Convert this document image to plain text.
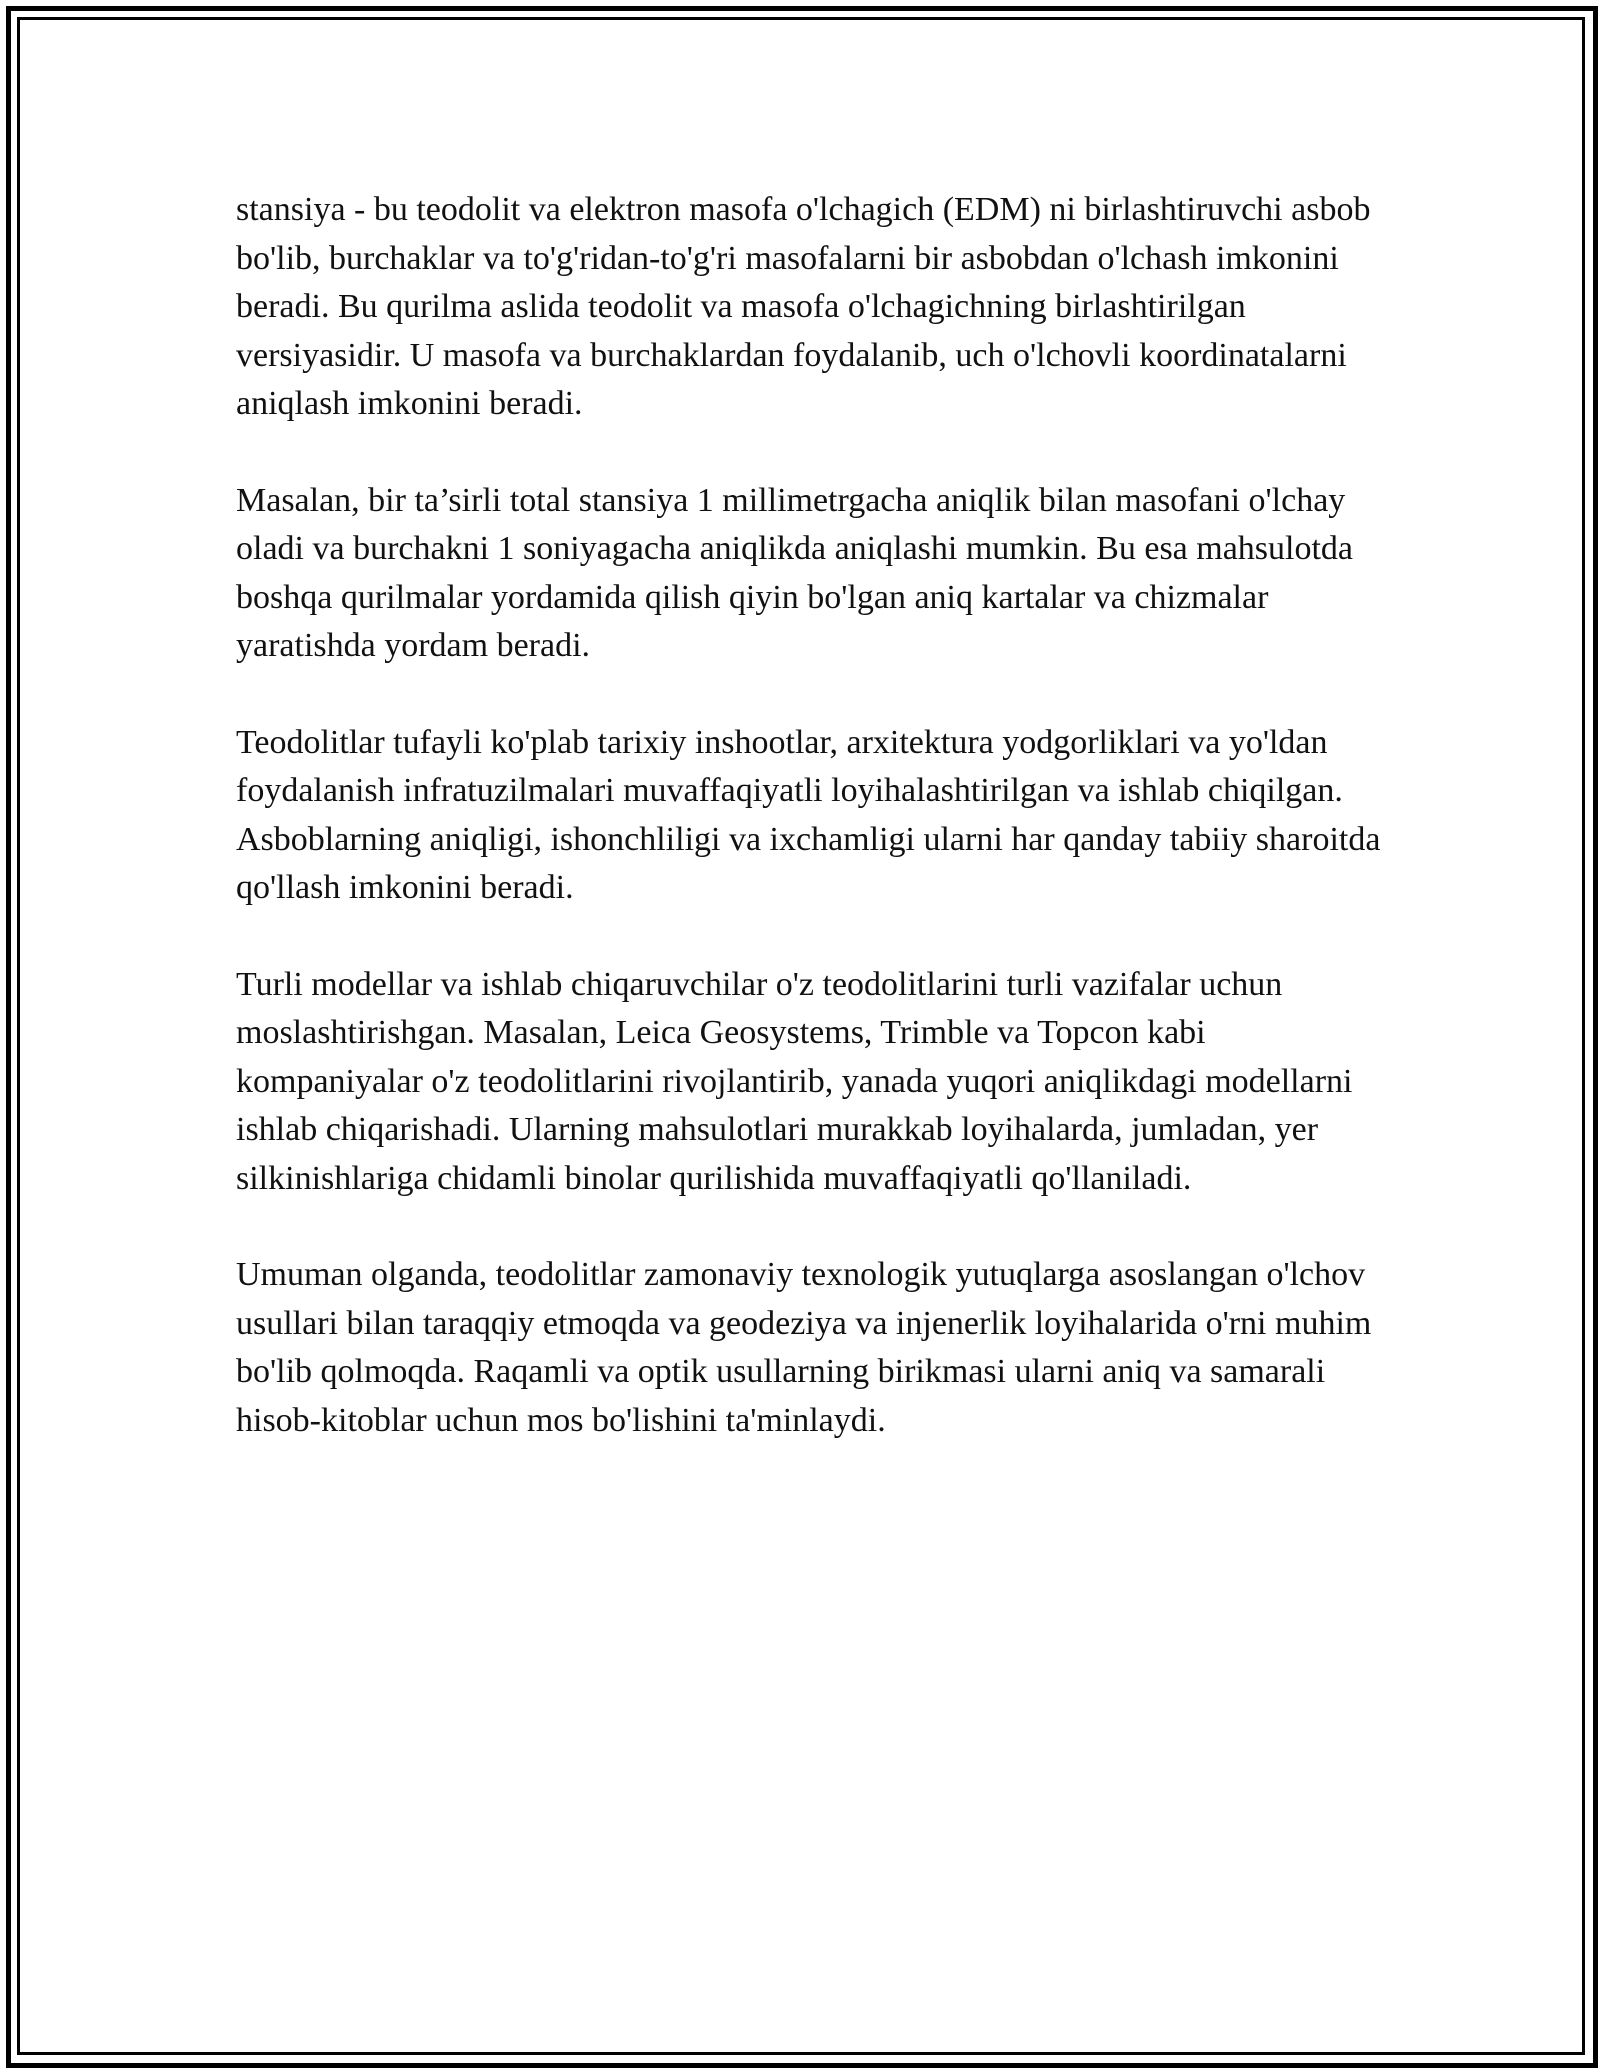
stansiya - bu teodolit va elektron masofa o'lchagich (EDM) ni birlashtiruvchi asbob bo'lib, burchaklar va to'g'ridan-to'g'ri masofalarni bir asbobdan o'lchash imkonini beradi. Bu qurilma aslida teodolit va masofa o'lchagichning birlashtirilgan versiyasidir. U masofa va burchaklardan foydalanib, uch o'lchovli koordinatalarni aniqlash imkonini beradi.

Masalan, bir ta’sirli total stansiya 1 millimetrgacha aniqlik bilan masofani o'lchay oladi va burchakni 1 soniyagacha aniqlikda aniqlashi mumkin. Bu esa mahsulotda boshqa qurilmalar yordamida qilish qiyin bo'lgan aniq kartalar va chizmalar yaratishda yordam beradi.

Teodolitlar tufayli ko'plab tarixiy inshootlar, arxitektura yodgorliklari va yo'ldan foydalanish infratuzilmalari muvaffaqiyatli loyihalashtirilgan va ishlab chiqilgan. Asboblarning aniqligi, ishonchliligi va ixchamligi ularni har qanday tabiiy sharoitda qo'llash imkonini beradi.

Turli modellar va ishlab chiqaruvchilar o'z teodolitlarini turli vazifalar uchun moslashtirishgan. Masalan, Leica Geosystems, Trimble va Topcon kabi kompaniyalar o'z teodolitlarini rivojlantirib, yanada yuqori aniqlikdagi modellarni ishlab chiqarishadi. Ularning mahsulotlari murakkab loyihalarda, jumladan, yer silkinishlariga chidamli binolar qurilishida muvaffaqiyatli qo'llaniladi.

Umuman olganda, teodolitlar zamonaviy texnologik yutuqlarga asoslangan o'lchov usullari bilan taraqqiy etmoqda va geodeziya va injenerlik loyihalarida o'rni muhim bo'lib qolmoqda. Raqamli va optik usullarning birikmasi ularni aniq va samarali hisob-kitoblar uchun mos bo'lishini ta'minlaydi.
